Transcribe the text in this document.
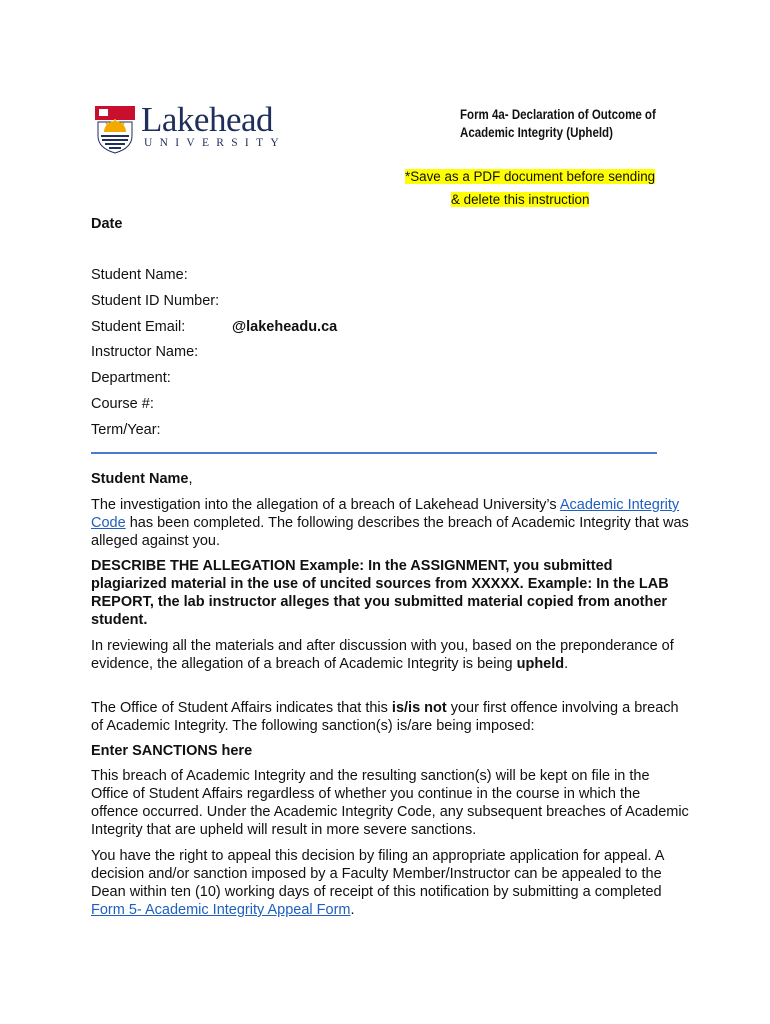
Lakehead
UNIVERSITY
Form 4a- Declaration of Outcome of Academic Integrity (Upheld)
*Save as a PDF document before sending
& delete this instruction
Date
Student Name:
Student ID Number:
Student Email:	@lakeheadu.ca
Instructor Name:
Department:
Course #:
Term/Year:
Student Name,
The investigation into the allegation of a breach of Lakehead University’s Academic Integrity Code has been completed. The following describes the breach of Academic Integrity that was alleged against you.
DESCRIBE THE ALLEGATION Example: In the ASSIGNMENT, you submitted plagiarized material in the use of uncited sources from XXXXX. Example: In the LAB REPORT, the lab instructor alleges that you submitted material copied from another student.
In reviewing all the materials and after discussion with you, based on the preponderance of evidence, the allegation of a breach of Academic Integrity is being upheld.
The Office of Student Affairs indicates that this is/is not your first offence involving a breach of Academic Integrity. The following sanction(s) is/are being imposed:
Enter SANCTIONS here
This breach of Academic Integrity and the resulting sanction(s) will be kept on file in the Office of Student Affairs regardless of whether you continue in the course in which the offence occurred. Under the Academic Integrity Code, any subsequent breaches of Academic Integrity that are upheld will result in more severe sanctions.
You have the right to appeal this decision by filing an appropriate application for appeal. A decision and/or sanction imposed by a Faculty Member/Instructor can be appealed to the Dean within ten (10) working days of receipt of this notification by submitting a completed Form 5- Academic Integrity Appeal Form.
